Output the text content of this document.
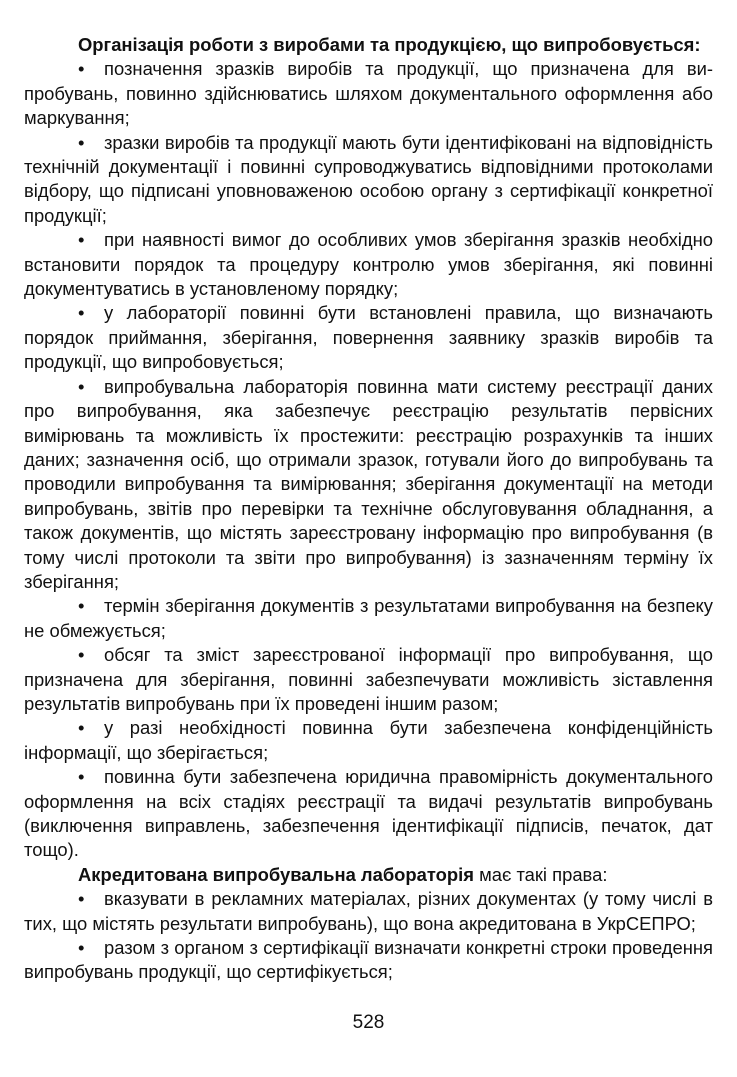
Організація роботи з виробами та продукцією, що випробовується:
• позначення зразків виробів та продукції, що призначена для випробувань, повинно здійснюватись шляхом документального оформлення або маркування;
• зразки виробів та продукції мають бути ідентифіковані на відповідність технічній документації і повинні супроводжуватись відповідними протоколами відбору, що підписані уповноваженою особою органу з сертифікації конкретної продукції;
• при наявності вимог до особливих умов зберігання зразків необхідно встановити порядок та процедуру контролю умов зберігання, які повинні документуватись в установленому порядку;
• у лабораторії повинні бути встановлені правила, що визначають порядок приймання, зберігання, повернення заявнику зразків виробів та продукції, що випробовується;
• випробувальна лабораторія повинна мати систему реєстрації даних про випробування, яка забезпечує реєстрацію результатів первісних вимірювань та можливість їх простежити: реєстрацію розрахунків та інших даних; зазначення осіб, що отримали зразок, готували його до випробувань та проводили випробування та вимірювання; зберігання документації на методи випробувань, звітів про перевірки та технічне обслуговування обладнання, а також документів, що містять зареєстровану інформацію про випробування (в тому числі протоколи та звіти про випробування) із зазначенням терміну їх зберігання;
• термін зберігання документів з результатами випробування на безпеку не обмежується;
• обсяг та зміст зареєстрованої інформації про випробування, що призначена для зберігання, повинні забезпечувати можливість зіставлення результатів випробувань при їх проведені іншим разом;
• у разі необхідності повинна бути забезпечена конфіденційність інформації, що зберігається;
• повинна бути забезпечена юридична правомірність документального оформлення на всіх стадіях реєстрації та видачі результатів випробувань (виключення виправлень, забезпечення ідентифікації підписів, печаток, дат тощо).
Акредитована випробувальна лабораторія має такі права:
• вказувати в рекламних матеріалах, різних документах (у тому числі в тих, що містять результати випробувань), що вона акредитована в УкрСЕПРО;
• разом з органом з сертифікації визначати конкретні строки проведення випробувань продукції, що сертифікується;
528
